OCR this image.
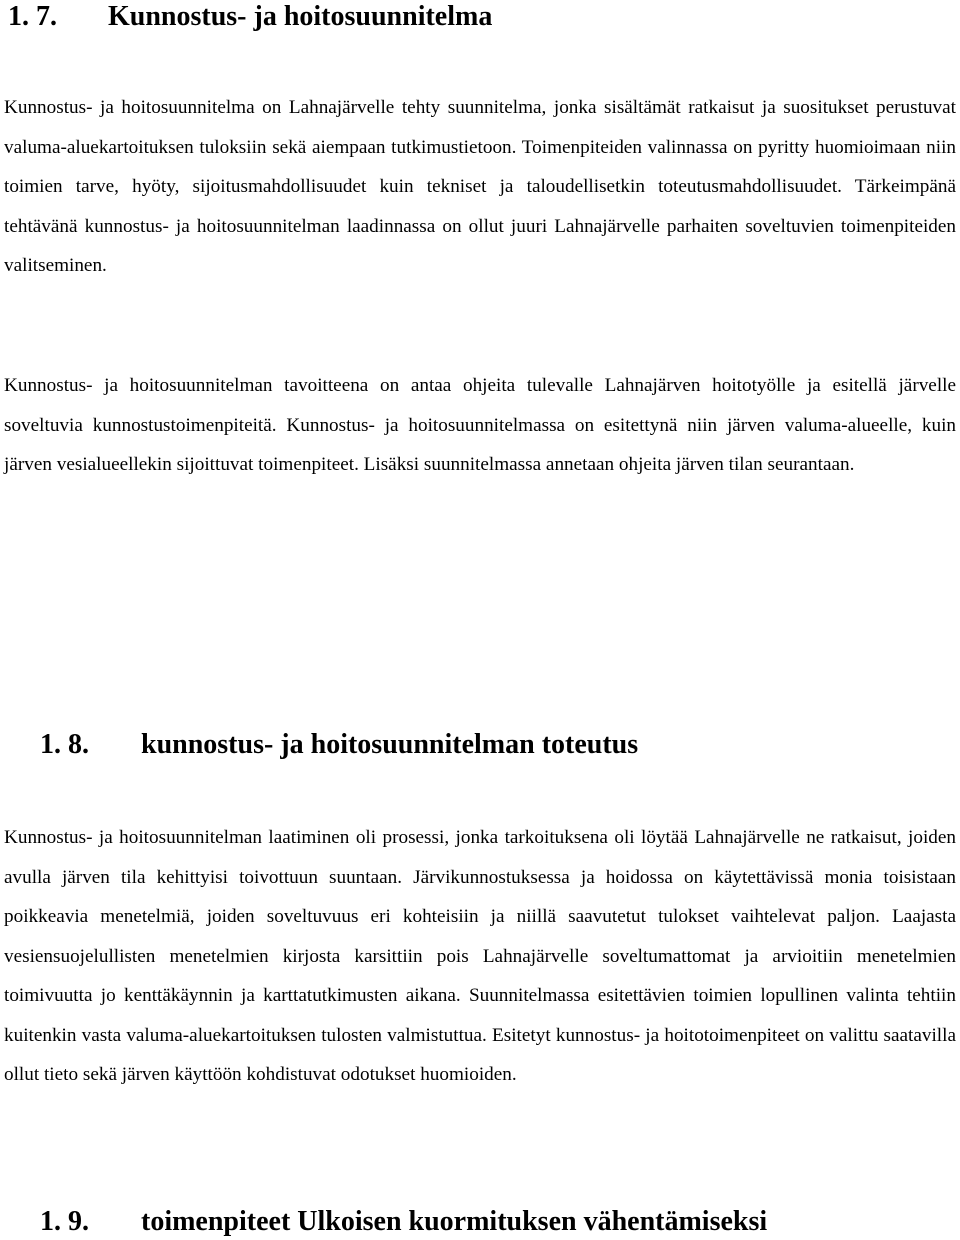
1. 7. Kunnostus- ja hoitosuunnitelma

Kunnostus- ja hoitosuunnitelma on Lahnajärvelle tehty suunnitelma, jonka sisältämät ratkaisut ja suositukset perustuvat valuma-aluekartoituksen tuloksiin sekä aiempaan tutkimustietoon. Toimenpiteiden valinnassa on pyritty huomioimaan niin toimien tarve, hyöty, sijoitusmahdollisuudet kuin tekniset ja taloudellisetkin toteutusmahdollisuudet. Tärkeimpänä tehtävänä kunnostus- ja hoitosuunnitelman laadinnassa on ollut juuri Lahnajärvelle parhaiten soveltuvien toimenpiteiden valitseminen.

Kunnostus- ja hoitosuunnitelman tavoitteena on antaa ohjeita tulevalle Lahnajärven hoitotyölle ja esitellä järvelle soveltuvia kunnostustoimenpiteitä. Kunnostus- ja hoitosuunnitelmassa on esitettynä niin järven valuma-alueelle, kuin järven vesialueellekin sijoittuvat toimenpiteet. Lisäksi suunnitelmassa annetaan ohjeita järven tilan seurantaan.

1. 8. kunnostus- ja hoitosuunnitelman toteutus

Kunnostus- ja hoitosuunnitelman laatiminen oli prosessi, jonka tarkoituksena oli löytää Lahnajärvelle ne ratkaisut, joiden avulla järven tila kehittyisi toivottuun suuntaan. Järvikunnostuksessa ja hoidossa on käytettävissä monia toisistaan poikkeavia menetelmiä, joiden soveltuvuus eri kohteisiin ja niillä saavutetut tulokset vaihtelevat paljon. Laajasta vesiensuojelullisten menetelmien kirjosta karsittiin pois Lahnajärvelle soveltumattomat ja arvioitiin menetelmien toimivuutta jo kenttäkäynnin ja karttatutkimusten aikana. Suunnitelmassa esitettävien toimien lopullinen valinta tehtiin kuitenkin vasta valuma-aluekartoituksen tulosten valmistuttua. Esitetyt kunnostus- ja hoitotoimenpiteet on valittu saatavilla ollut tieto sekä järven käyttöön kohdistuvat odotukset huomioiden.

1. 9. toimenpiteet Ulkoisen kuormituksen vähentämiseksi
